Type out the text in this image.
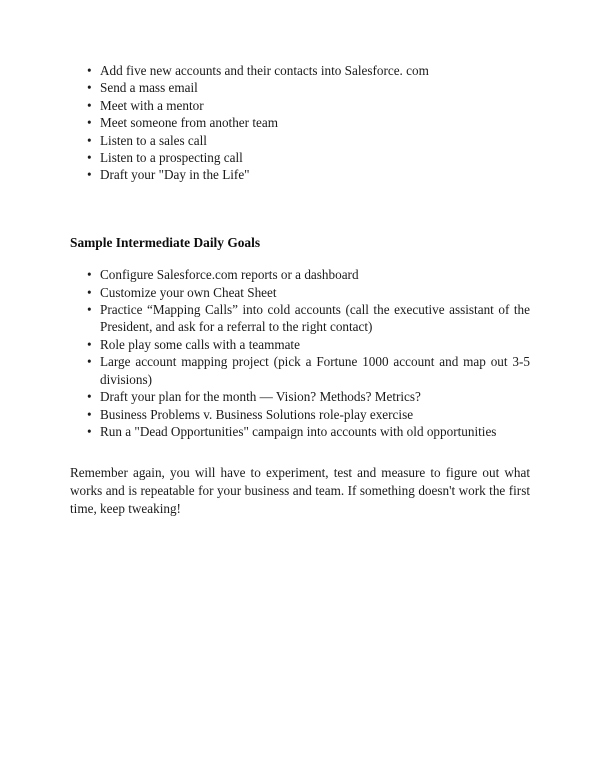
• Add five new accounts and their contacts into Salesforce. com
• Send a mass email
• Meet with a mentor
• Meet someone from another team
• Listen to a sales call
• Listen to a prospecting call
• Draft your "Day in the Life"
Sample Intermediate Daily Goals
• Configure Salesforce.com reports or a dashboard
• Customize your own Cheat Sheet
• Practice “Mapping Calls” into cold accounts (call the executive assistant of the President, and ask for a referral to the right contact)
• Role play some calls with a teammate
• Large account mapping project (pick a Fortune 1000 account and map out 3-5 divisions)
• Draft your plan for the month — Vision? Methods? Metrics?
• Business Problems v. Business Solutions role-play exercise
• Run a "Dead Opportunities" campaign into accounts with old opportunities

Remember again, you will have to experiment, test and measure to figure out what works and is repeatable for your business and team. If something doesn't work the first time, keep tweaking!
